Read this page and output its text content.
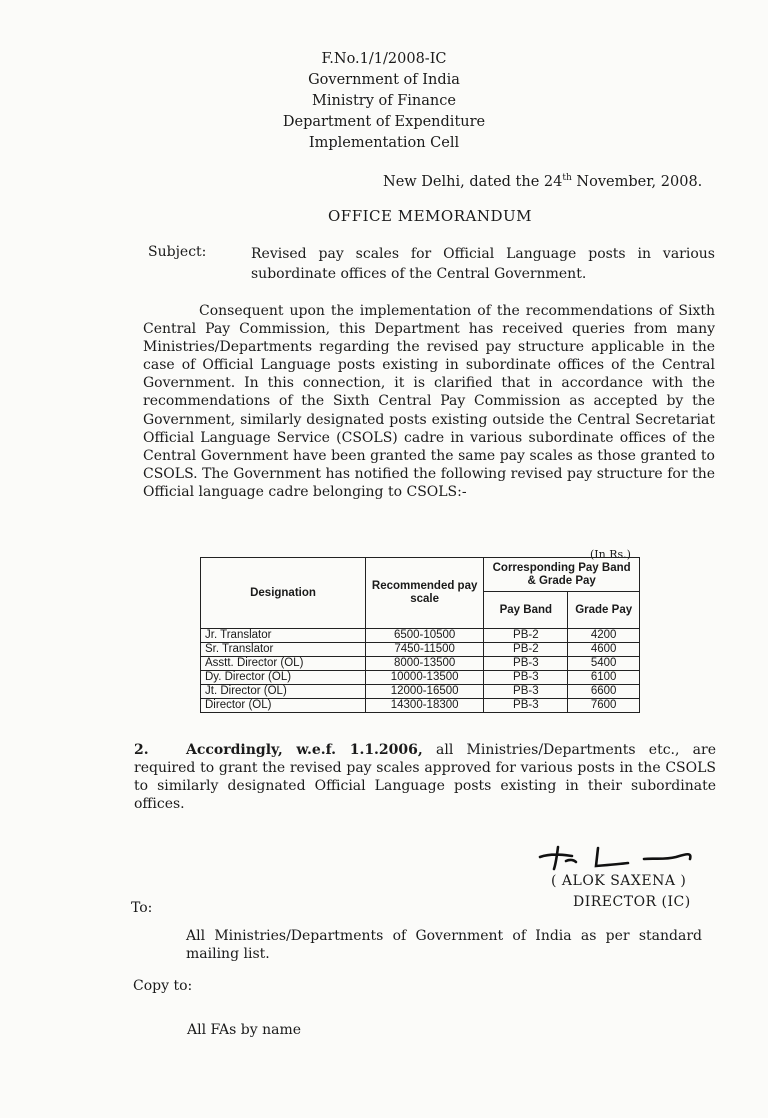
F.No.1/1/2008-IC
Government of India
Ministry of Finance
Department of Expenditure
Implementation Cell
New Delhi, dated the 24th November, 2008.
OFFICE MEMORANDUM
Subject:	Revised pay scales for Official Language posts in various subordinate offices of the Central Government.
Consequent upon the implementation of the recommendations of Sixth Central Pay Commission, this Department has received queries from many Ministries/Departments regarding the revised pay structure applicable in the case of Official Language posts existing in subordinate offices of the Central Government. In this connection, it is clarified that in accordance with the recommendations of the Sixth Central Pay Commission as accepted by the Government, similarly designated posts existing outside the Central Secretariat Official Language Service (CSOLS) cadre in various subordinate offices of the Central Government have been granted the same pay scales as those granted to CSOLS. The Government has notified the following revised pay structure for the Official language cadre belonging to CSOLS:-
(In Rs.)
Designation	Recommended pay scale	Corresponding Pay Band & Grade Pay	
		Pay Band	Grade Pay
Jr. Translator	6500-10500	PB-2	4200
Sr. Translator	7450-11500	PB-2	4600
Asstt. Director (OL)	8000-13500	PB-3	5400
Dy. Director (OL)	10000-13500	PB-3	6100
Jt. Director (OL)	12000-16500	PB-3	6600
Director (OL)	14300-18300	PB-3	7600
2.	Accordingly, w.e.f. 1.1.2006, all Ministries/Departments etc., are required to grant the revised pay scales approved for various posts in the CSOLS to similarly designated Official Language posts existing in their subordinate offices.
( ALOK SAXENA )
DIRECTOR (IC)
To:
All Ministries/Departments of Government of India as per standard mailing list.
Copy to:
All FAs by name
